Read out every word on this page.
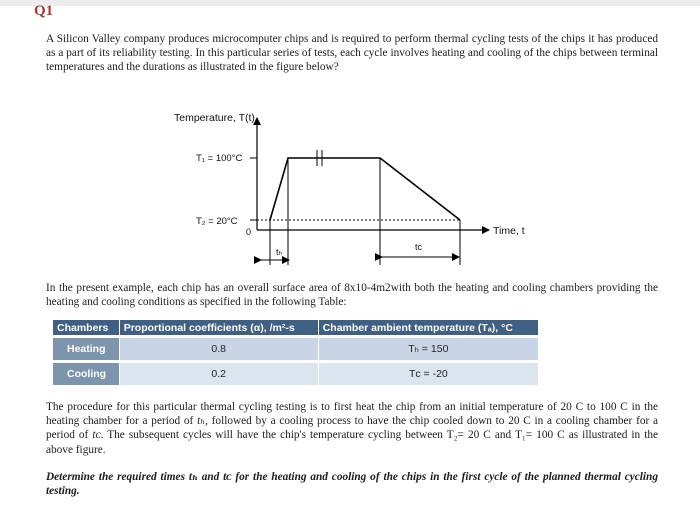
Q1

A Silicon Valley company produces microcomputer chips and is required to perform thermal cycling tests of the chips it has produced as a part of its reliability testing. In this particular series of tests, each cycle involves heating and cooling of the chips between terminal temperatures and the durations as illustrated in the figure below?

Temperature, T(t)
Time, t
T₁ = 100°C
T₂ = 20°C
0
tₕ	tᴄ

In the present example, each chip has an overall surface area of 8x10-4m2with both the heating and cooling chambers providing the heating and cooling conditions as specified in the following Table:

Chambers	Proportional coefficients (α), /m²-s	Chamber ambient temperature (Tₐ), °C
Heating	0.8	Tₕ = 150
Cooling	0.2	Tᴄ = -20

The procedure for this particular thermal cycling testing is to first heat the chip from an initial temperature of 20 C to 100 C in the heating chamber for a period of tₕ, followed by a cooling process to have the chip cooled down to 20 C in a cooling chamber for a period of tᴄ. The subsequent cycles will have the chip's temperature cycling between T₂= 20 C and T₁= 100 C as illustrated in the above figure.

Determine the required times tₕ and tᴄ for the heating and cooling of the chips in the first cycle of the planned thermal cycling testing.
